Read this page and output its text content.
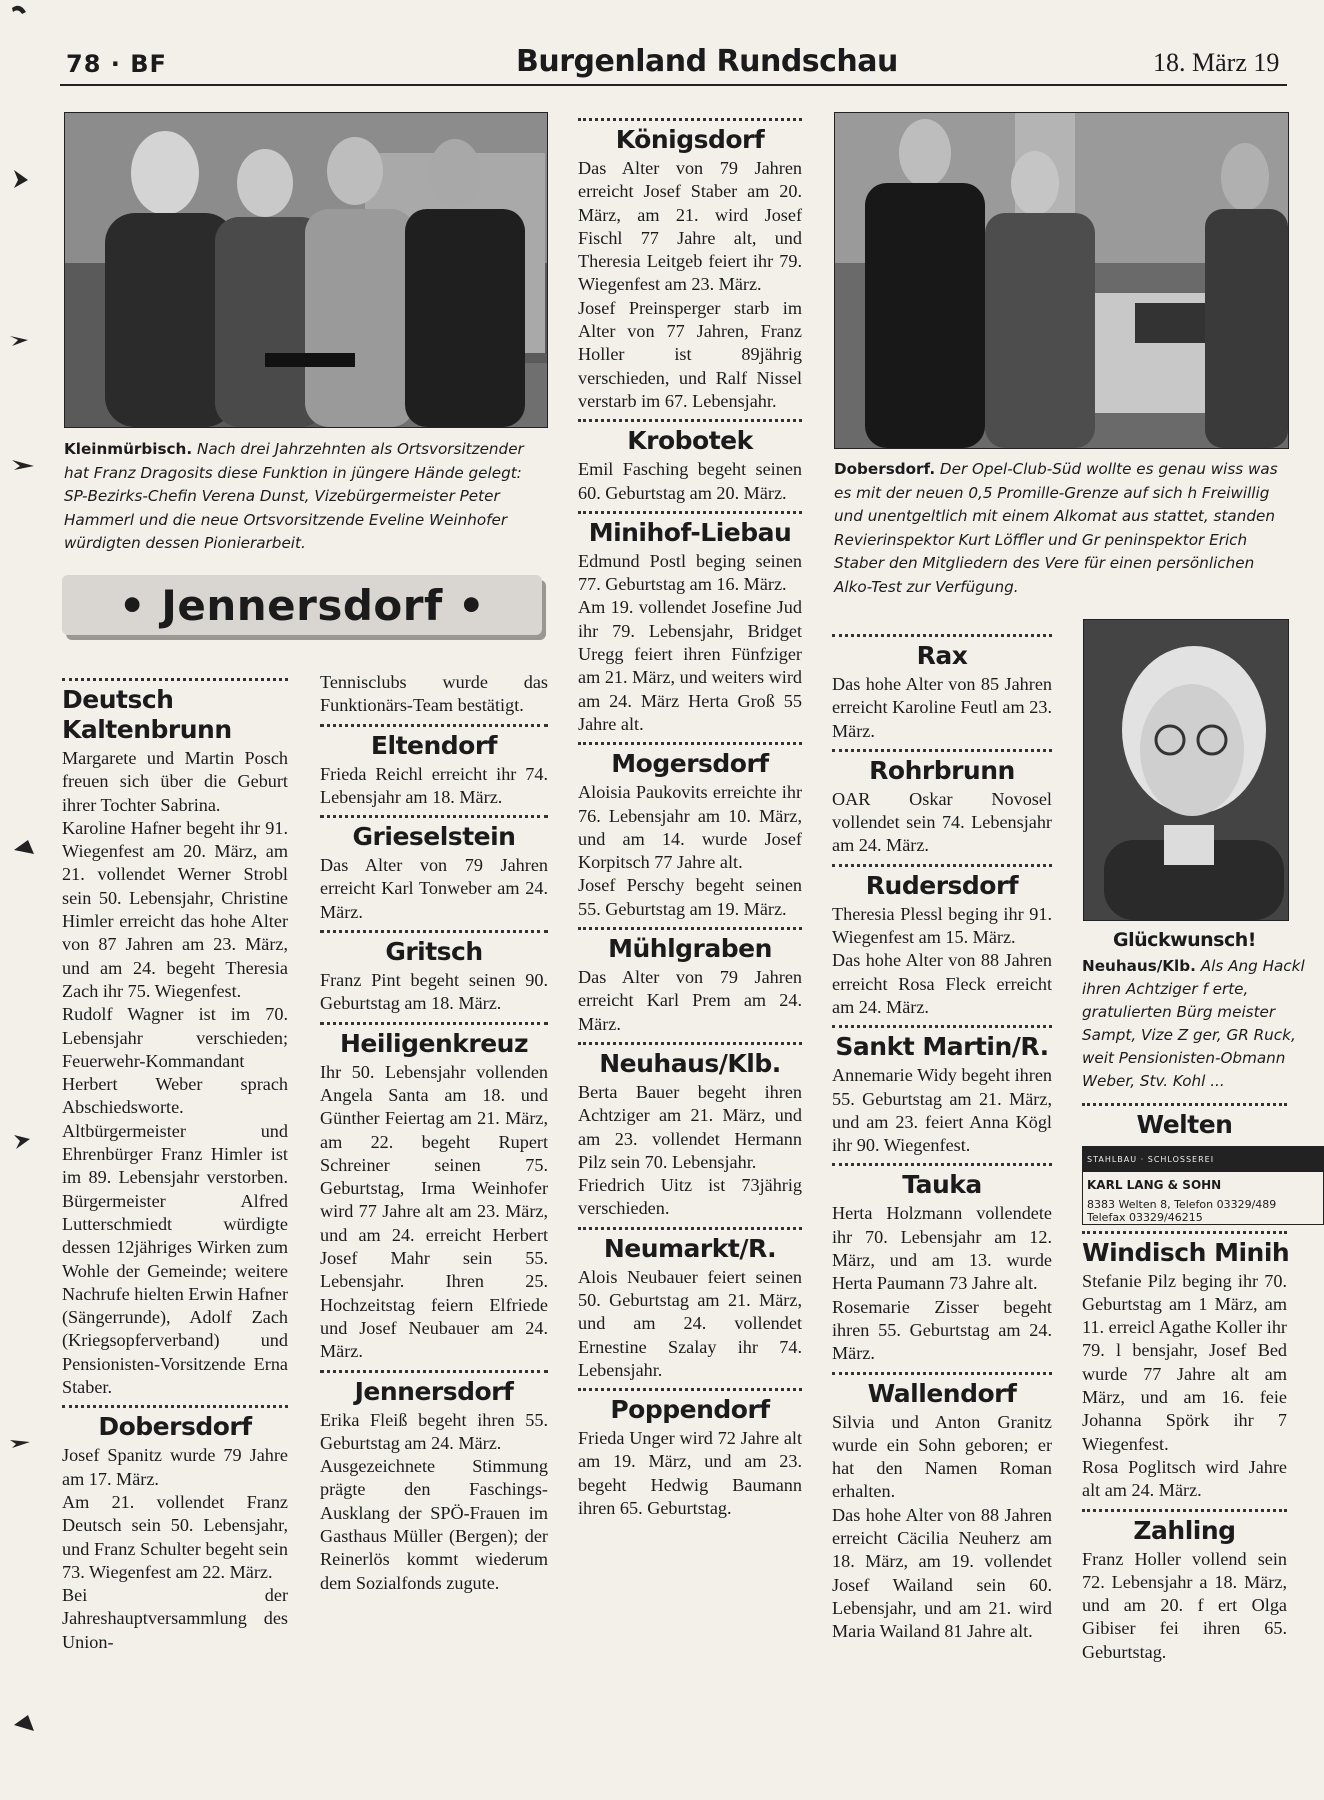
78 · BF	Burgenland Rundschau	18. März 19
Kleinmürbisch. Nach drei Jahrzehnten als Ortsvorsitzender hat Franz Dragosits diese Funktion in jüngere Hände gelegt: SP-Bezirks-Chefin Verena Dunst, Vizebürgermeister Peter Hammerl und die neue Ortsvorsitzende Eveline Weinhofer würdigten dessen Pionierarbeit.
• Jennersdorf •
Dobersdorf. Der Opel-Club-Süd wollte es genau wiss was es mit der neuen 0,5 Promille-Grenze auf sich h Freiwillig und unentgeltlich mit einem Alkomat aus stattet, standen Revierinspektor Kurt Löffler und Gr peninspektor Erich Staber den Mitgliedern des Vere für einen persönlichen Alko-Test zur Verfügung.
Deutsch Kaltenbrunn

Margarete und Martin Posch freuen sich über die Geburt ihrer Tochter Sabrina.

Karoline Hafner begeht ihr 91. Wiegenfest am 20. März, am 21. vollendet Werner Strobl sein 50. Lebensjahr, Christine Himler erreicht das hohe Alter von 87 Jahren am 23. März, und am 24. begeht Theresia Zach ihr 75. Wiegenfest.

Rudolf Wagner ist im 70. Lebensjahr verschieden; Feuerwehr-Kommandant Herbert Weber sprach Abschiedsworte.

Altbürgermeister und Ehrenbürger Franz Himler ist im 89. Lebensjahr verstorben. Bürgermeister Alfred Lutterschmiedt würdigte dessen 12jähriges Wirken zum Wohle der Gemeinde; weitere Nachrufe hielten Erwin Hafner (Sängerrunde), Adolf Zach (Kriegsopferverband) und Pensionisten-Vorsitzende Erna Staber.

Dobersdorf

Josef Spanitz wurde 79 Jahre am 17. März.

Am 21. vollendet Franz Deutsch sein 50. Lebensjahr, und Franz Schulter begeht sein 73. Wiegenfest am 22. März.

Bei der Jahreshauptversammlung des Union-

Tennisclubs wurde das Funktionärs-Team bestätigt.

Eltendorf

Frieda Reichl erreicht ihr 74. Lebensjahr am 18. März.

Grieselstein

Das Alter von 79 Jahren erreicht Karl Tonweber am 24. März.

Gritsch

Franz Pint begeht seinen 90. Geburtstag am 18. März.

Heiligenkreuz

Ihr 50. Lebensjahr vollenden Angela Santa am 18. und Günther Feiertag am 21. März, am 22. begeht Rupert Schreiner seinen 75. Geburtstag, Irma Weinhofer wird 77 Jahre alt am 23. März, und am 24. erreicht Herbert Josef Mahr sein 55. Lebensjahr. Ihren 25. Hochzeitstag feiern Elfriede und Josef Neubauer am 24. März.

Jennersdorf

Erika Fleiß begeht ihren 55. Geburtstag am 24. März.

Ausgezeichnete Stimmung prägte den Faschings-Ausklang der SPÖ-Frauen im Gasthaus Müller (Bergen); der Reinerlös kommt wiederum dem Sozialfonds zugute.

Königsdorf

Das Alter von 79 Jahren erreicht Josef Staber am 20. März, am 21. wird Josef Fischl 77 Jahre alt, und Theresia Leitgeb feiert ihr 79. Wiegenfest am 23. März.

Josef Preinsperger starb im Alter von 77 Jahren, Franz Holler ist 89jährig verschieden, und Ralf Nissel verstarb im 67. Lebensjahr.

Krobotek

Emil Fasching begeht seinen 60. Geburtstag am 20. März.

Minihof-Liebau

Edmund Postl beging seinen 77. Geburtstag am 16. März.

Am 19. vollendet Josefine Jud ihr 79. Lebensjahr, Bridget Uregg feiert ihren Fünfziger am 21. März, und weiters wird am 24. März Herta Groß 55 Jahre alt.

Mogersdorf

Aloisia Paukovits erreichte ihr 76. Lebensjahr am 10. März, und am 14. wurde Josef Korpitsch 77 Jahre alt.

Josef Perschy begeht seinen 55. Geburtstag am 19. März.

Mühlgraben

Das Alter von 79 Jahren erreicht Karl Prem am 24. März.

Neuhaus/Klb.

Berta Bauer begeht ihren Achtziger am 21. März, und am 23. vollendet Hermann Pilz sein 70. Lebensjahr.

Friedrich Uitz ist 73jährig verschieden.

Neumarkt/R.

Alois Neubauer feiert seinen 50. Geburtstag am 21. März, und am 24. vollendet Ernestine Szalay ihr 74. Lebensjahr.

Poppendorf

Frieda Unger wird 72 Jahre alt am 19. März, und am 23. begeht Hedwig Baumann ihren 65. Geburtstag.

Rax

Das hohe Alter von 85 Jahren erreicht Karoline Feutl am 23. März.

Rohrbrunn

OAR Oskar Novosel vollendet sein 74. Lebensjahr am 24. März.

Rudersdorf

Theresia Plessl beging ihr 91. Wiegenfest am 15. März.

Das hohe Alter von 88 Jahren erreicht Rosa Fleck erreicht am 24. März.

Sankt Martin/R.

Annemarie Widy begeht ihren 55. Geburtstag am 21. März, und am 23. feiert Anna Kögl ihr 90. Wiegenfest.

Tauka

Herta Holzmann vollendete ihr 70. Lebensjahr am 12. März, und am 13. wurde Herta Paumann 73 Jahre alt.

Rosemarie Zisser begeht ihren 55. Geburtstag am 24. März.

Wallendorf

Silvia und Anton Granitz wurde ein Sohn geboren; er hat den Namen Roman erhalten.

Das hohe Alter von 88 Jahren erreicht Cäcilia Neuherz am 18. März, am 19. vollendet Josef Wailand sein 60. Lebensjahr, und am 21. wird Maria Wailand 81 Jahre alt.

Glückwunsch!
Neuhaus/Klb. Als Ang Hackl ihren Achtziger f erte, gratulierten Bürg meister Sampt, Vize Z ger, GR Ruck, weit Pensionisten-Obmann Weber, Stv. Kohl ...
Welten
STAHLBAU · SCHLOSSEREI
KARL LANG & SOHN
8383 Welten 8, Telefon 03329/489
Telefax 03329/46215
Windisch Minih

Stefanie Pilz beging ihr 70. Geburtstag am 1 März, am 11. erreicl Agathe Koller ihr 79. l bensjahr, Josef Bed wurde 77 Jahre alt am März, und am 16. feie Johanna Spörk ihr 7 Wiegenfest.

Rosa Poglitsch wird Jahre alt am 24. März.

Zahling

Franz Holler vollend sein 72. Lebensjahr a 18. März, und am 20. f ert Olga Gibiser fei ihren 65. Geburtstag.
